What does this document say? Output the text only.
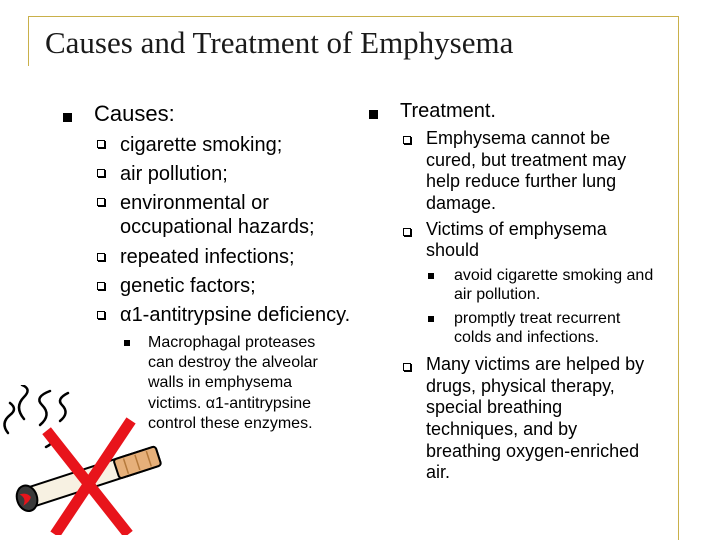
Causes and Treatment of Emphysema
Causes:
cigarette smoking;
air pollution;
environmental or
occupational hazards;
repeated infections;
genetic factors;
α1-antitrypsine deficiency.
Macrophagal proteases
can destroy the alveolar
walls in emphysema
victims. α1-antitrypsine
control these enzymes.
Treatment.
Emphysema cannot be
cured, but treatment may
help reduce further lung
damage.
Victims of emphysema
should
avoid cigarette smoking and
air pollution.
promptly treat recurrent
colds and infections.
Many victims are helped by
drugs, physical therapy,
special breathing
techniques, and by
breathing oxygen-enriched
air.
